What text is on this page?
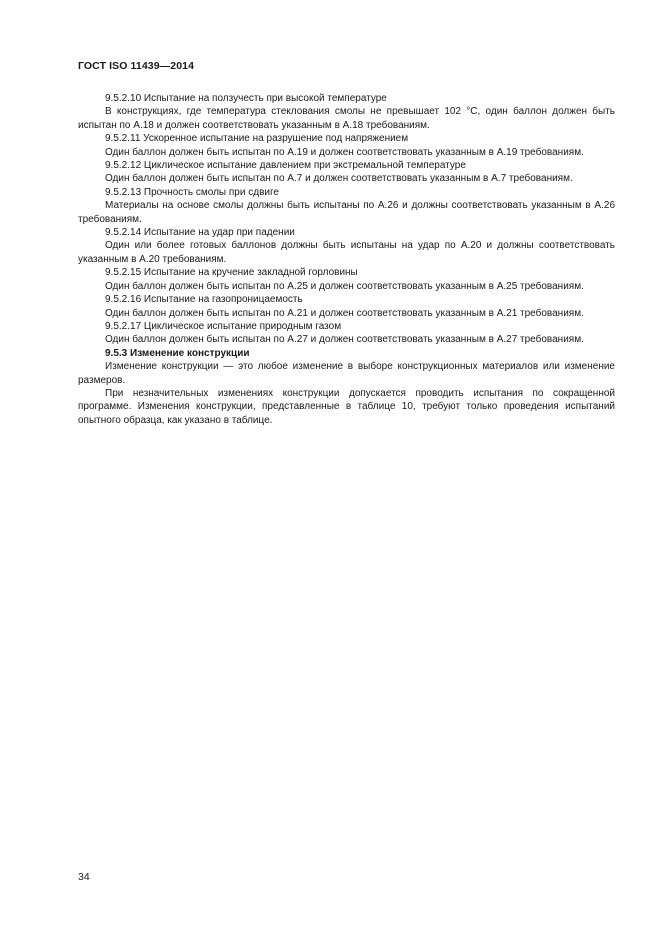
ГОСТ ISO 11439—2014

9.5.2.10 Испытание на ползучесть при высокой температуре

В конструкциях, где температура стеклования смолы не превышает 102 °С, один баллон должен быть испытан по А.18 и должен соответствовать указанным в А.18 требованиям.

9.5.2.11 Ускоренное испытание на разрушение под напряжением

Один баллон должен быть испытан по А.19 и должен соответствовать указанным в А.19 требованиям.

9.5.2.12 Циклическое испытание давлением при экстремальной температуре

Один баллон должен быть испытан по А.7 и должен соответствовать указанным в А.7 требованиям.

9.5.2.13 Прочность смолы при сдвиге

Материалы на основе смолы должны быть испытаны по А.26 и должны соответствовать указанным в А.26 требованиям.

9.5.2.14 Испытание на удар при падении

Один или более готовых баллонов должны быть испытаны на удар по А.20 и должны соответствовать указанным в А.20 требованиям.

9.5.2.15 Испытание на кручение закладной горловины

Один баллон должен быть испытан по А.25 и должен соответствовать указанным в А.25 требованиям.

9.5.2.16 Испытание на газопроницаемость

Один баллон должен быть испытан по А.21 и должен соответствовать указанным в А.21 требованиям.

9.5.2.17 Циклическое испытание природным газом

Один баллон должен быть испытан по А.27 и должен соответствовать указанным в А.27 требованиям.

9.5.3 Изменение конструкции

Изменение конструкции — это любое изменение в выборе конструкционных материалов или изменение размеров.

При незначительных изменениях конструкции допускается проводить испытания по сокращенной программе. Изменения конструкции, представленные в таблице 10, требуют только проведения испытаний опытного образца, как указано в таблице.

34
